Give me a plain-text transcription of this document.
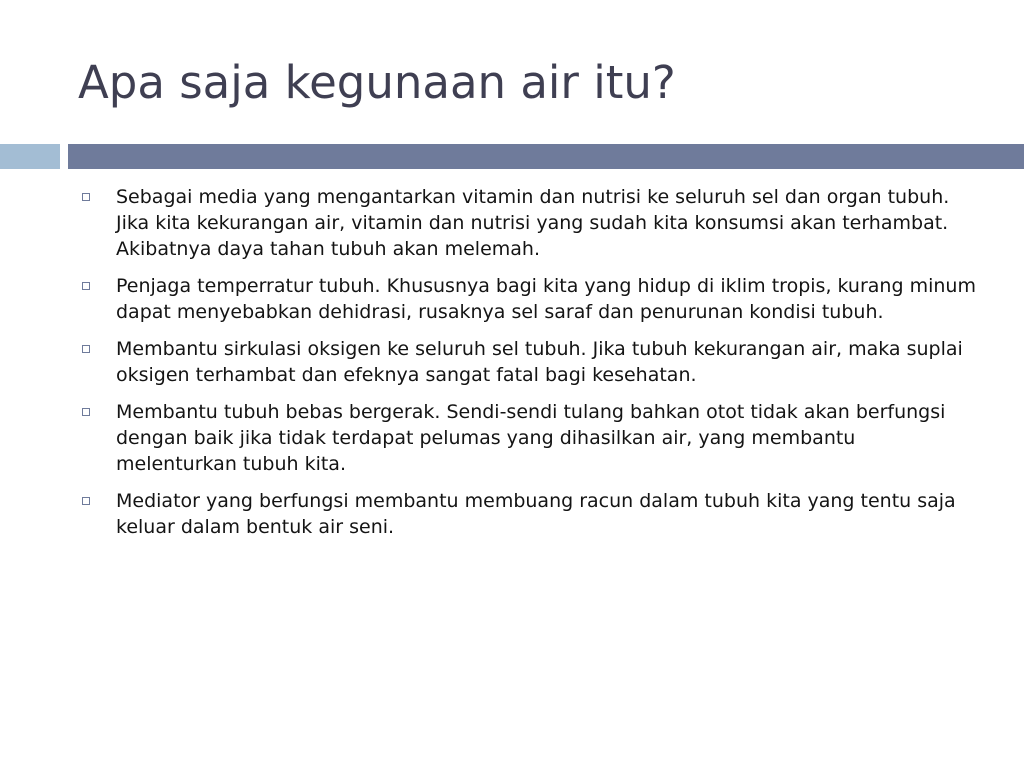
Apa saja kegunaan air itu?
Sebagai media yang mengantarkan vitamin dan nutrisi ke seluruh sel dan organ tubuh. Jika kita kekurangan air, vitamin dan nutrisi yang sudah kita konsumsi akan terhambat. Akibatnya daya tahan tubuh akan melemah.
Penjaga temperratur tubuh. Khususnya bagi kita yang hidup di iklim tropis, kurang minum dapat menyebabkan dehidrasi, rusaknya sel saraf dan penurunan kondisi tubuh.
Membantu sirkulasi oksigen ke seluruh sel tubuh. Jika tubuh kekurangan air, maka suplai oksigen terhambat dan efeknya sangat fatal bagi kesehatan.
Membantu tubuh bebas bergerak. Sendi-sendi tulang bahkan otot tidak akan berfungsi dengan baik jika tidak terdapat pelumas yang dihasilkan air, yang membantu melenturkan tubuh kita.
Mediator yang berfungsi membantu membuang racun dalam tubuh kita yang tentu saja keluar dalam bentuk air seni.
